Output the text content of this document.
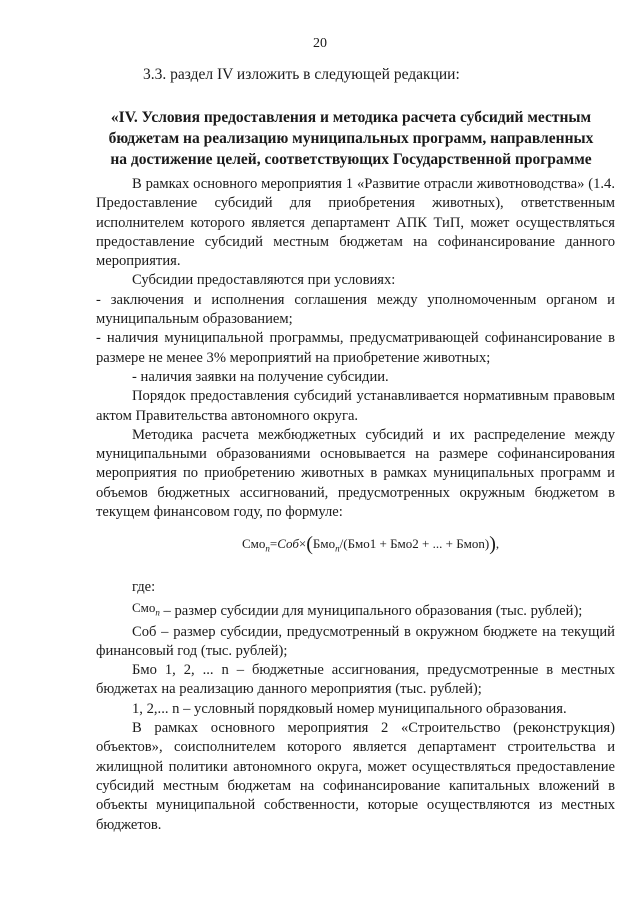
20
3.3. раздел IV изложить в следующей редакции:
«IV. Условия предоставления и методика расчета субсидий местным
бюджетам на реализацию муниципальных программ, направленных
на достижение целей, соответствующих Государственной программе

В рамках основного мероприятия 1 «Развитие отрасли животноводства» (1.4. Предоставление субсидий для приобретения животных), ответственным исполнителем которого является департамент АПК ТиП, может осуществляться предоставление субсидий местным бюджетам на софинансирование данного мероприятия.

Субсидии предоставляются при условиях:

- заключения и исполнения соглашения между уполномоченным органом и муниципальным образованием;

- наличия муниципальной программы, предусматривающей софинансирование в размере не менее 3% мероприятий на приобретение животных;

- наличия заявки на получение субсидии.

Порядок предоставления субсидий устанавливается нормативным правовым актом Правительства автономного округа.

Методика расчета межбюджетных субсидий и их распределение между муниципальными образованиями основывается на размере софинансирования мероприятия по приобретению животных в рамках муниципальных программ и объемов бюджетных ассигнований, предусмотренных окружным бюджетом в текущем финансовом году, по формуле:

Смо$_n$=Соб×(Бмо$_n$/(Бмо1 + Бмо2 + ... + Бмоn)),

где:

Смо$_n$ – размер субсидии для муниципального образования (тыс. рублей);

Соб – размер субсидии, предусмотренный в окружном бюджете на текущий финансовый год (тыс. рублей);

Бмо 1, 2, ... n – бюджетные ассигнования, предусмотренные в местных бюджетах на реализацию данного мероприятия (тыс. рублей);

1, 2,... n – условный порядковый номер муниципального образования.

В рамках основного мероприятия 2 «Строительство (реконструкция) объектов», соисполнителем которого является департамент строительства и жилищной политики автономного округа, может осуществляться предоставление субсидий местным бюджетам на софинансирование капитальных вложений в объекты муниципальной собственности, которые осуществляются из местных бюджетов.
